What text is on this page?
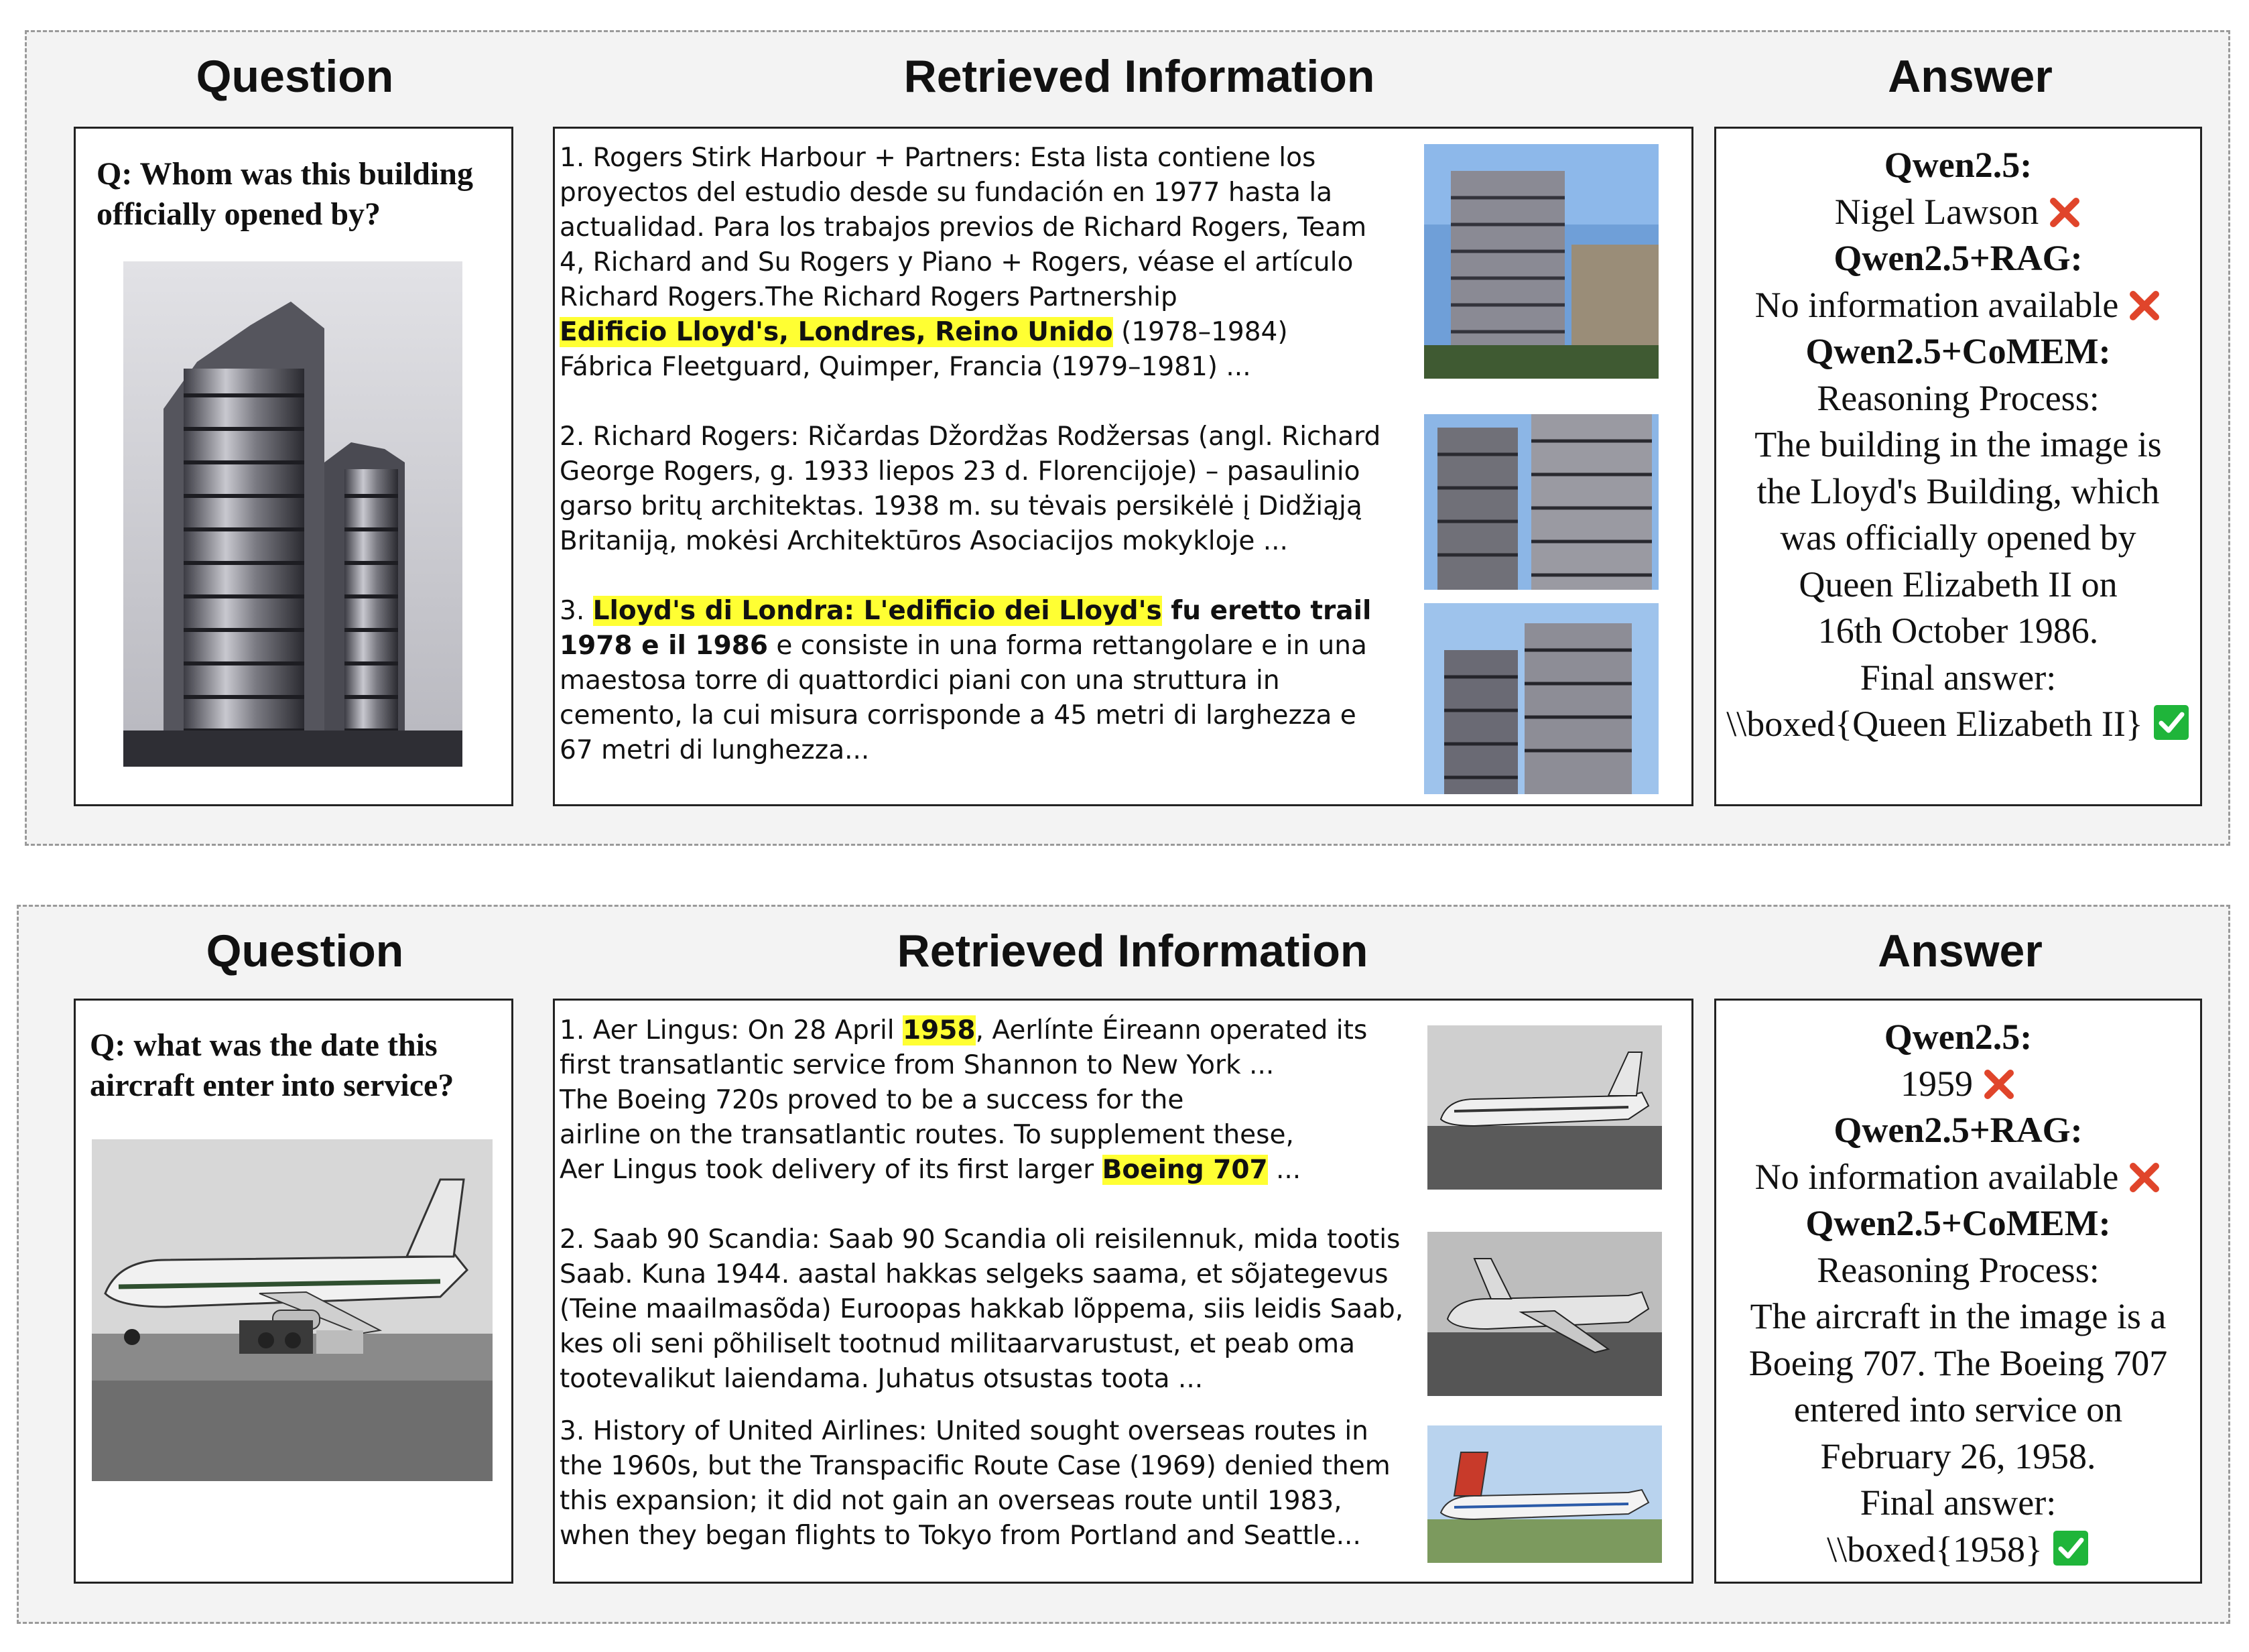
Question	Retrieved Information	Answer
Q: Whom was this building
officially opened by?

1. Rogers Stirk Harbour + Partners: Esta lista contiene los

proyectos del estudio desde su fundación en 1977 hasta la

actualidad. Para los trabajos previos de Richard Rogers, Team

4, Richard and Su Rogers y Piano + Rogers, véase el artículo

Richard Rogers.The Richard Rogers Partnership

Edificio Lloyd's, Londres, Reino Unido (1978–1984)

Fábrica Fleetguard, Quimper, Francia (1979–1981) ...

2. Richard Rogers: Ričardas Džordžas Rodžersas (angl. Richard

George Rogers, g. 1933 liepos 23 d. Florencijoje) – pasaulinio

garso britų architektas. 1938 m. su tėvais persikėlė į Didžiąją

Britaniją, mokėsi Architektūros Asociacijos mokykloje ...

3. Lloyd's di Londra: L'edificio dei Lloyd's fu eretto trail

1978 e il 1986 e consiste in una forma rettangolare e in una

maestosa torre di quattordici piani con una struttura in

cemento, la cui misura corrisponde a 45 metri di larghezza e

67 metri di lunghezza...

Qwen2.5:
Nigel Lawson
Qwen2.5+RAG:
No information available
Qwen2.5+CoMEM:
Reasoning Process:
The building in the image is
the Lloyd's Building, which
was officially opened by
Queen Elizabeth II on
16th October 1986.
Final answer:
\\boxed{Queen Elizabeth II}
Question	Retrieved Information	Answer
Q: what was the date this
aircraft enter into service?

1. Aer Lingus: On 28 April 1958, Aerlínte Éireann operated its

first transatlantic service from Shannon to New York ...

The Boeing 720s proved to be a success for the

airline on the transatlantic routes. To supplement these,

Aer Lingus took delivery of its first larger Boeing 707 ...

2. Saab 90 Scandia: Saab 90 Scandia oli reisilennuk, mida tootis

Saab. Kuna 1944. aastal hakkas selgeks saama, et sõjategevus

(Teine maailmasõda) Euroopas hakkab lõppema, siis leidis Saab,

kes oli seni põhiliselt tootnud militaarvarustust, et peab oma

tootevalikut laiendama. Juhatus otsustas toota ...

3. History of United Airlines: United sought overseas routes in

the 1960s, but the Transpacific Route Case (1969) denied them

this expansion; it did not gain an overseas route until 1983,

when they began flights to Tokyo from Portland and Seattle...

Qwen2.5:
1959
Qwen2.5+RAG:
No information available
Qwen2.5+CoMEM:
Reasoning Process:
The aircraft in the image is a
Boeing 707. The Boeing 707
entered into service on
February 26, 1958.
Final answer:
\\boxed{1958}
